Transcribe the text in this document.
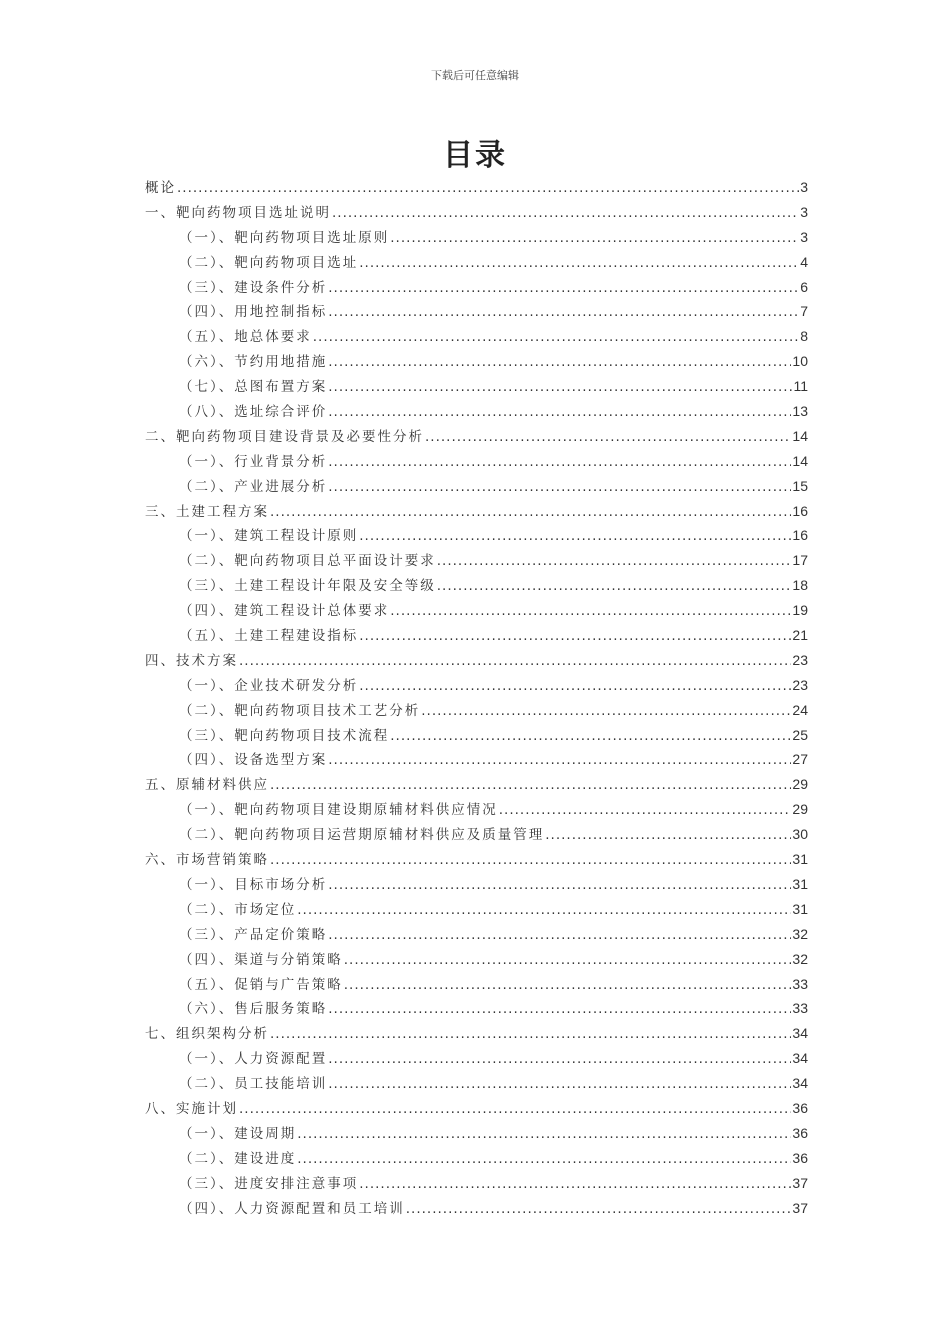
下载后可任意编辑
目录
概论 .....	3
一、靶向药物项目选址说明 .....	3
（一）、靶向药物项目选址原则 .....	3
（二）、靶向药物项目选址 .....	4
（三）、建设条件分析 .....	6
（四）、用地控制指标 .....	7
（五）、地总体要求 .....	8
（六）、节约用地措施 .....	10
（七）、总图布置方案 .....	11
（八）、选址综合评价 .....	13
二、靶向药物项目建设背景及必要性分析 .....	14
（一）、行业背景分析 .....	14
（二）、产业进展分析 .....	15
三、土建工程方案 .....	16
（一）、建筑工程设计原则 .....	16
（二）、靶向药物项目总平面设计要求 .....	17
（三）、土建工程设计年限及安全等级 .....	18
（四）、建筑工程设计总体要求 .....	19
（五）、土建工程建设指标 .....	21
四、技术方案 .....	23
（一）、企业技术研发分析 .....	23
（二）、靶向药物项目技术工艺分析 .....	24
（三）、靶向药物项目技术流程 .....	25
（四）、设备选型方案 .....	27
五、原辅材料供应 .....	29
（一）、靶向药物项目建设期原辅材料供应情况 .....	29
（二）、靶向药物项目运营期原辅材料供应及质量管理 .....	30
六、市场营销策略 .....	31
（一）、目标市场分析 .....	31
（二）、市场定位 .....	31
（三）、产品定价策略 .....	32
（四）、渠道与分销策略 .....	32
（五）、促销与广告策略 .....	33
（六）、售后服务策略 .....	33
七、组织架构分析 .....	34
（一）、人力资源配置 .....	34
（二）、员工技能培训 .....	34
八、实施计划 .....	36
（一）、建设周期 .....	36
（二）、建设进度 .....	36
（三）、进度安排注意事项 .....	37
（四）、人力资源配置和员工培训 .....	37
